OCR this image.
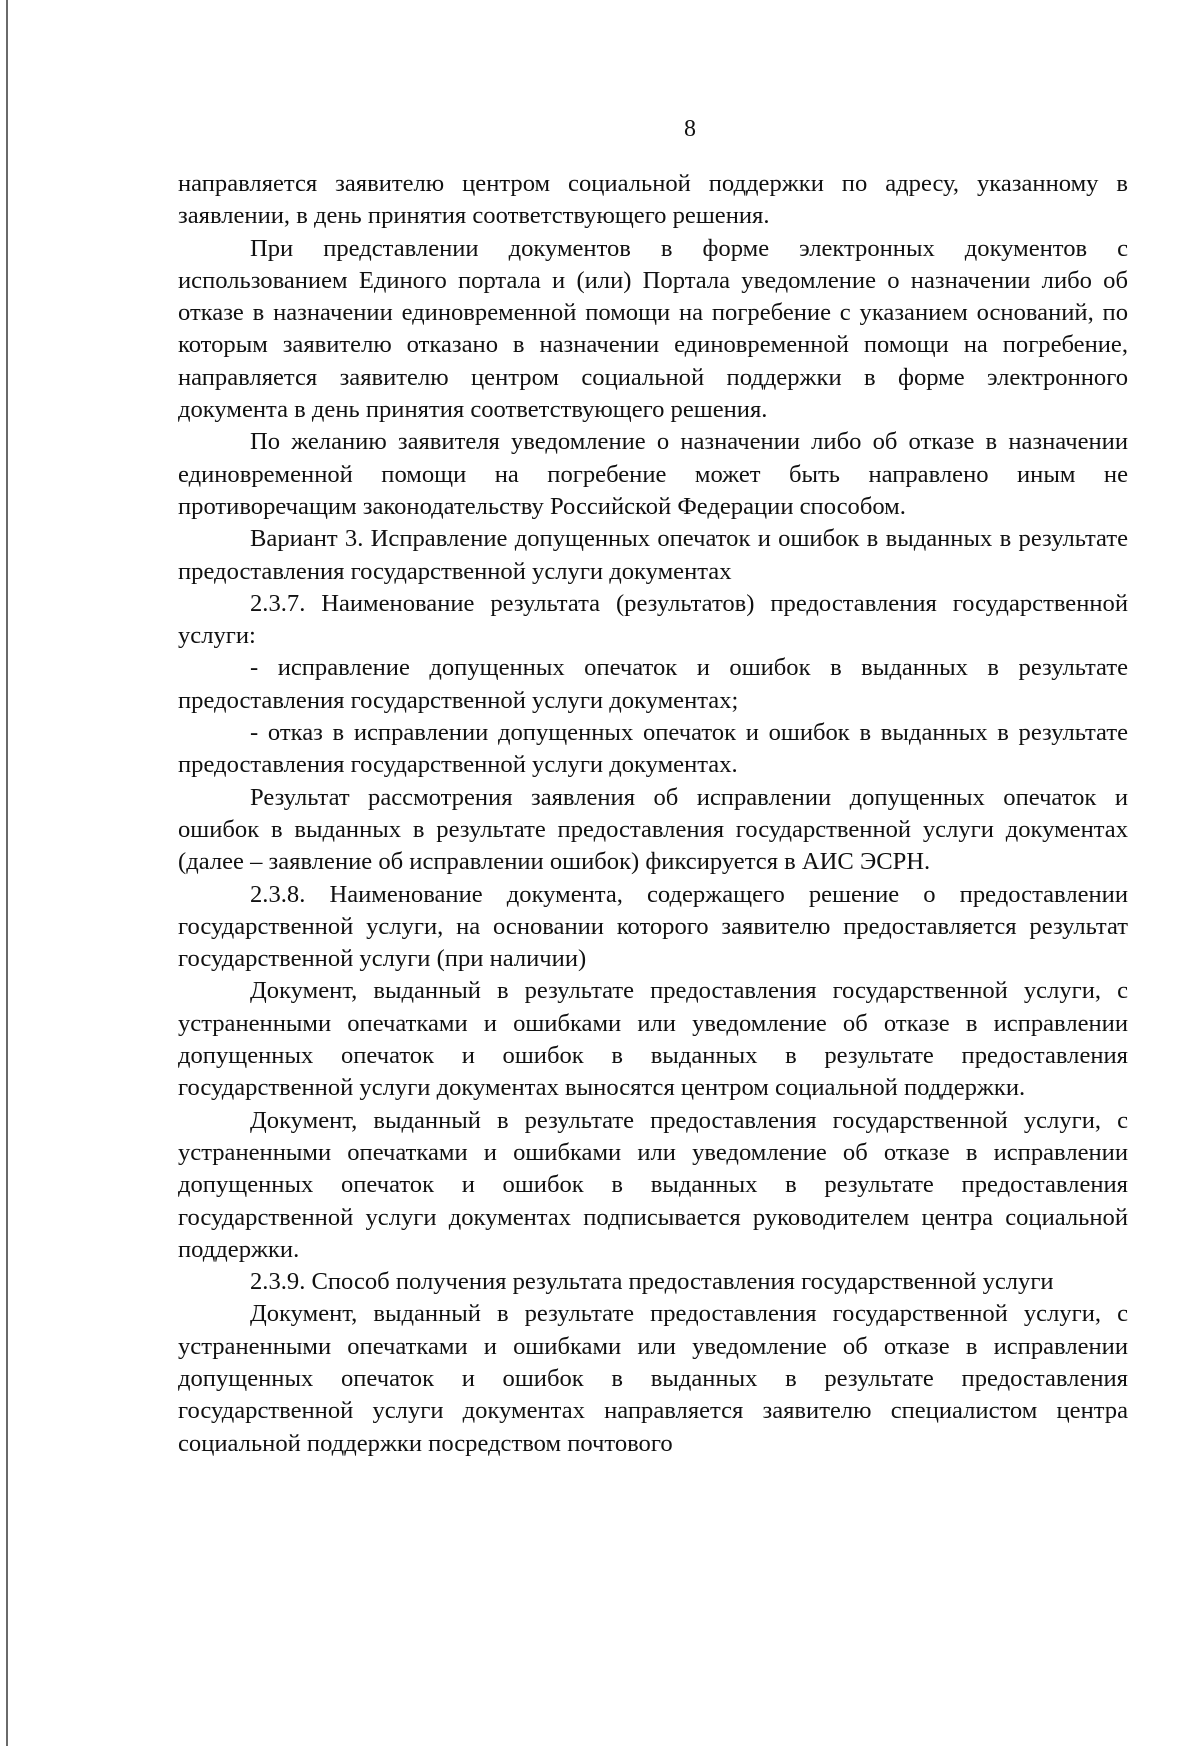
8

направляется заявителю центром социальной поддержки по адресу, указанному в заявлении, в день принятия соответствующего решения.

При представлении документов в форме электронных документов с использованием Единого портала и (или) Портала уведомление о назначении либо об отказе в назначении единовременной помощи на погребение с указанием оснований, по которым заявителю отказано в назначении единовременной помощи на погребение, направляется заявителю центром социальной поддержки в форме электронного документа в день принятия соответствующего решения.

По желанию заявителя уведомление о назначении либо об отказе в назначении единовременной помощи на погребение может быть направлено иным не противоречащим законодательству Российской Федерации способом.

Вариант 3. Исправление допущенных опечаток и ошибок в выданных в результате предоставления государственной услуги документах

2.3.7. Наименование результата (результатов) предоставления государственной услуги:

- исправление допущенных опечаток и ошибок в выданных в результате предоставления государственной услуги документах;

- отказ в исправлении допущенных опечаток и ошибок в выданных в результате предоставления государственной услуги документах.

Результат рассмотрения заявления об исправлении допущенных опечаток и ошибок в выданных в результате предоставления государственной услуги документах (далее – заявление об исправлении ошибок) фиксируется в АИС ЭСРН.

2.3.8. Наименование документа, содержащего решение о предоставлении государственной услуги, на основании которого заявителю предоставляется результат государственной услуги (при наличии)

Документ, выданный в результате предоставления государственной услуги, с устраненными опечатками и ошибками или уведомление об отказе в исправлении допущенных опечаток и ошибок в выданных в результате предоставления государственной услуги документах выносятся центром социальной поддержки.

Документ, выданный в результате предоставления государственной услуги, с устраненными опечатками и ошибками или уведомление об отказе в исправлении допущенных опечаток и ошибок в выданных в результате предоставления государственной услуги документах подписывается руководителем центра социальной поддержки.

2.3.9. Способ получения результата предоставления государственной услуги

Документ, выданный в результате предоставления государственной услуги, с устраненными опечатками и ошибками или уведомление об отказе в исправлении допущенных опечаток и ошибок в выданных в результате предоставления государственной услуги документах направляется заявителю специалистом центра социальной поддержки посредством почтового
